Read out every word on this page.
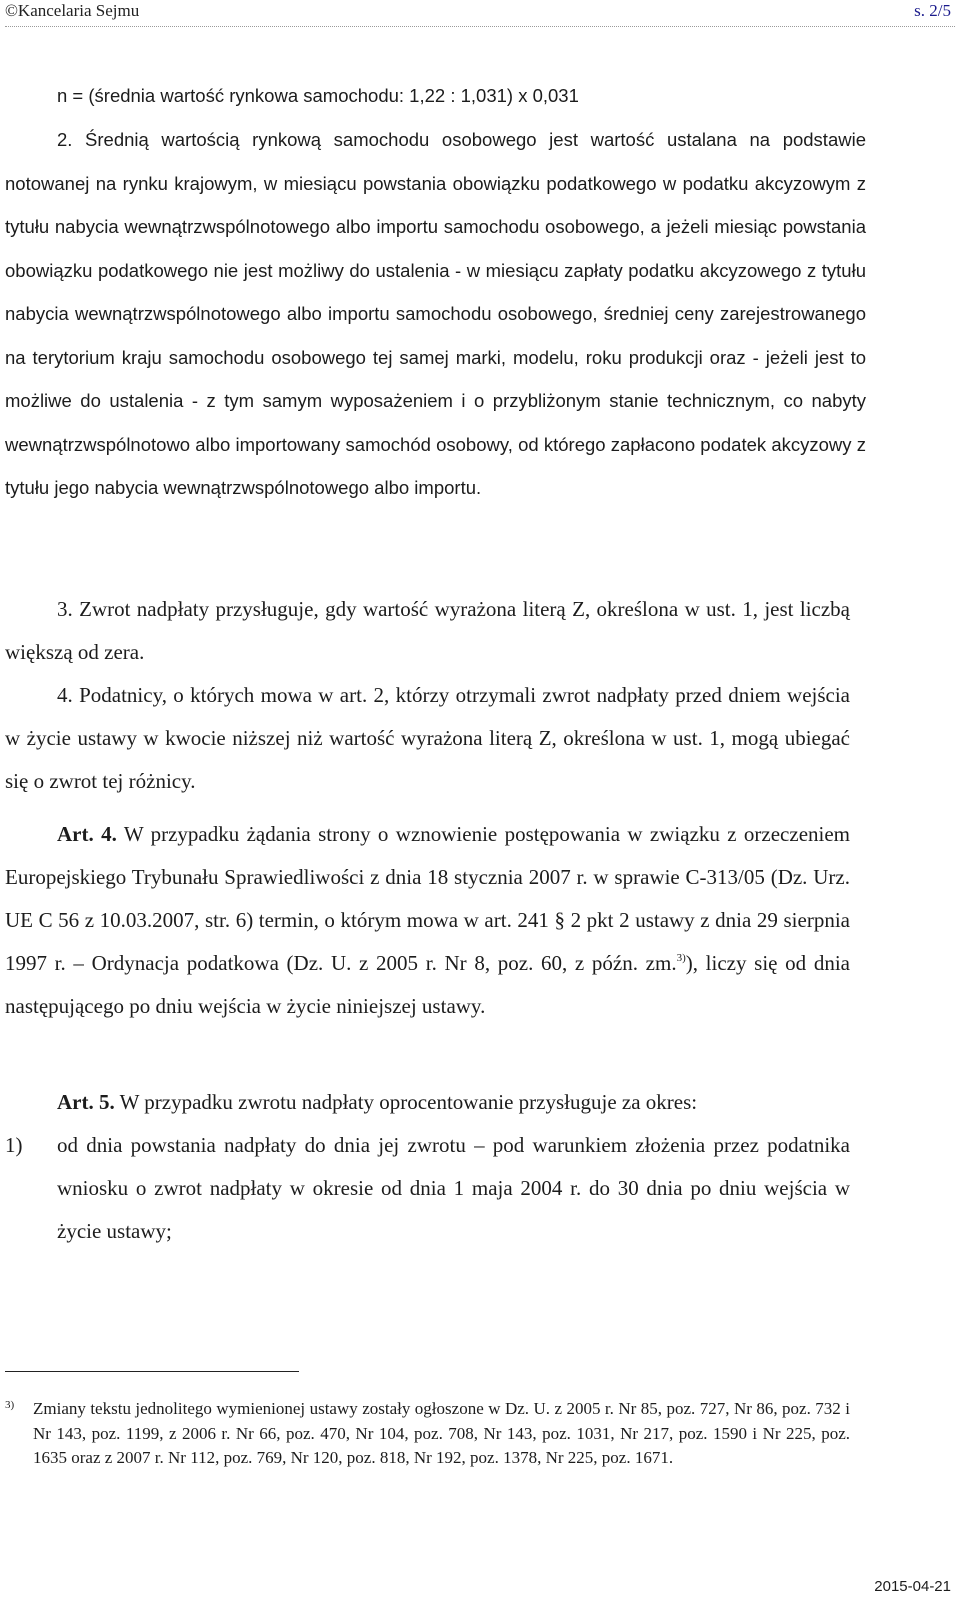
©Kancelaria Sejmu	s. 2/5
n = (średnia wartość rynkowa samochodu: 1,22 : 1,031) x 0,031

2. Średnią wartością rynkową samochodu osobowego jest wartość ustalana na podstawie notowanej na rynku krajowym, w miesiącu powstania obowiązku podatkowego w podatku akcyzowym z tytułu nabycia wewnątrzwspólnotowego albo importu samochodu osobowego, a jeżeli miesiąc powstania obowiązku podatkowego nie jest możliwy do ustalenia - w miesiącu zapłaty podatku akcyzowego z tytułu nabycia wewnątrzwspólnotowego albo importu samochodu osobowego, średniej ceny zarejestrowanego na terytorium kraju samochodu osobowego tej samej marki, modelu, roku produkcji oraz - jeżeli jest to możliwe do ustalenia - z tym samym wyposażeniem i o przybliżonym stanie technicznym, co nabyty wewnątrzwspólnotowo albo importowany samochód osobowy, od którego zapłacono podatek akcyzowy z tytułu jego nabycia wewnątrzwspólnotowego albo importu.

3. Zwrot nadpłaty przysługuje, gdy wartość wyrażona literą Z, określona w ust. 1, jest liczbą większą od zera.

4. Podatnicy, o których mowa w art. 2, którzy otrzymali zwrot nadpłaty przed dniem wejścia w życie ustawy w kwocie niższej niż wartość wyrażona literą Z, określona w ust. 1, mogą ubiegać się o zwrot tej różnicy.

Art. 4. W przypadku żądania strony o wznowienie postępowania w związku z orzeczeniem Europejskiego Trybunału Sprawiedliwości z dnia 18 stycznia 2007 r. w sprawie C-313/05 (Dz. Urz. UE C 56 z 10.03.2007, str. 6) termin, o którym mowa w art. 241 § 2 pkt 2 ustawy z dnia 29 sierpnia 1997 r. – Ordynacja podatkowa (Dz. U. z 2005 r. Nr 8, poz. 60, z późn. zm.$^{3)}$), liczy się od dnia następującego po dniu wejścia w życie niniejszej ustawy.

Art. 5. W przypadku zwrotu nadpłaty oprocentowanie przysługuje za okres:

1) od dnia powstania nadpłaty do dnia jej zwrotu – pod warunkiem złożenia przez podatnika wniosku o zwrot nadpłaty w okresie od dnia 1 maja 2004 r. do 30 dnia po dniu wejścia w życie ustawy;
3) Zmiany tekstu jednolitego wymienionej ustawy zostały ogłoszone w Dz. U. z 2005 r. Nr 85, poz. 727, Nr 86, poz. 732 i Nr 143, poz. 1199, z 2006 r. Nr 66, poz. 470, Nr 104, poz. 708, Nr 143, poz. 1031, Nr 217, poz. 1590 i Nr 225, poz. 1635 oraz z 2007 r. Nr 112, poz. 769, Nr 120, poz. 818, Nr 192, poz. 1378, Nr 225, poz. 1671.
2015-04-21
